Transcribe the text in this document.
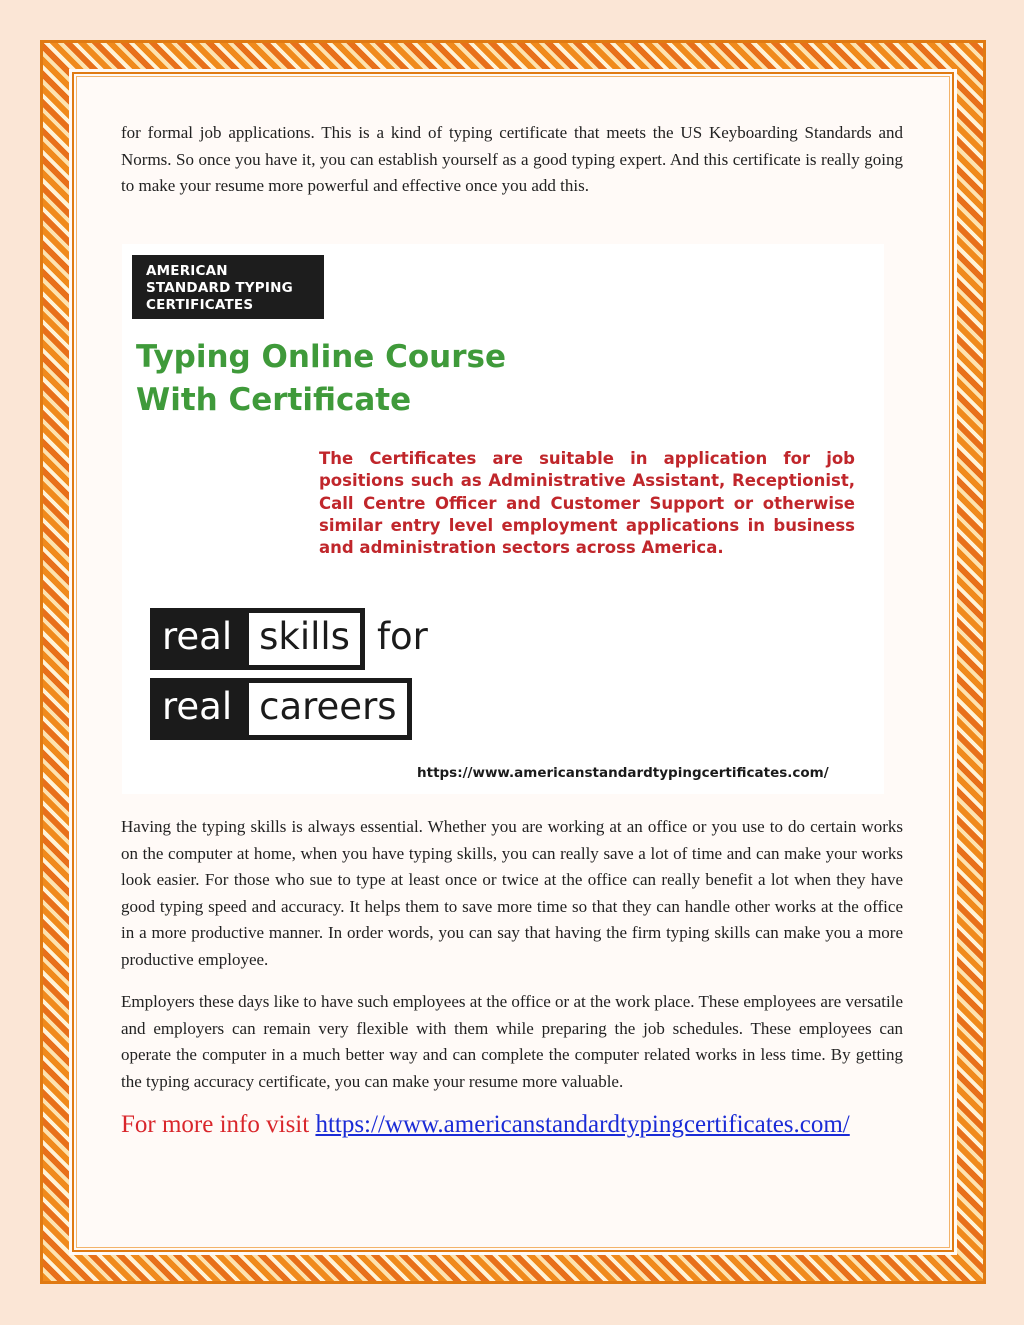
for formal job applications. This is a kind of typing certificate that meets the US Keyboarding Standards and Norms. So once you have it, you can establish yourself as a good typing expert. And this certificate is really going to make your resume more powerful and effective once you add this.

AMERICAN
STANDARD TYPING
CERTIFICATES
Typing Online Course
With Certificate
The Certificates are suitable in application for job positions such as Administrative Assistant, Receptionist, Call Centre Officer and Customer Support or otherwise similar entry level employment applications in business and administration sectors across America.
real skills for
real careers
https://www.americanstandardtypingcertificates.com/

Having the typing skills is always essential. Whether you are working at an office or you use to do certain works on the computer at home, when you have typing skills, you can really save a lot of time and can make your works look easier. For those who sue to type at least once or twice at the office can really benefit a lot when they have good typing speed and accuracy. It helps them to save more time so that they can handle other works at the office in a more productive manner. In order words, you can say that having the firm typing skills can make you a more productive employee.

Employers these days like to have such employees at the office or at the work place. These employees are versatile and employers can remain very flexible with them while preparing the job schedules. These employees can operate the computer in a much better way and can complete the computer related works in less time. By getting the typing accuracy certificate, you can make your resume more valuable.

For more info visit https://www.americanstandardtypingcertificates.com/
